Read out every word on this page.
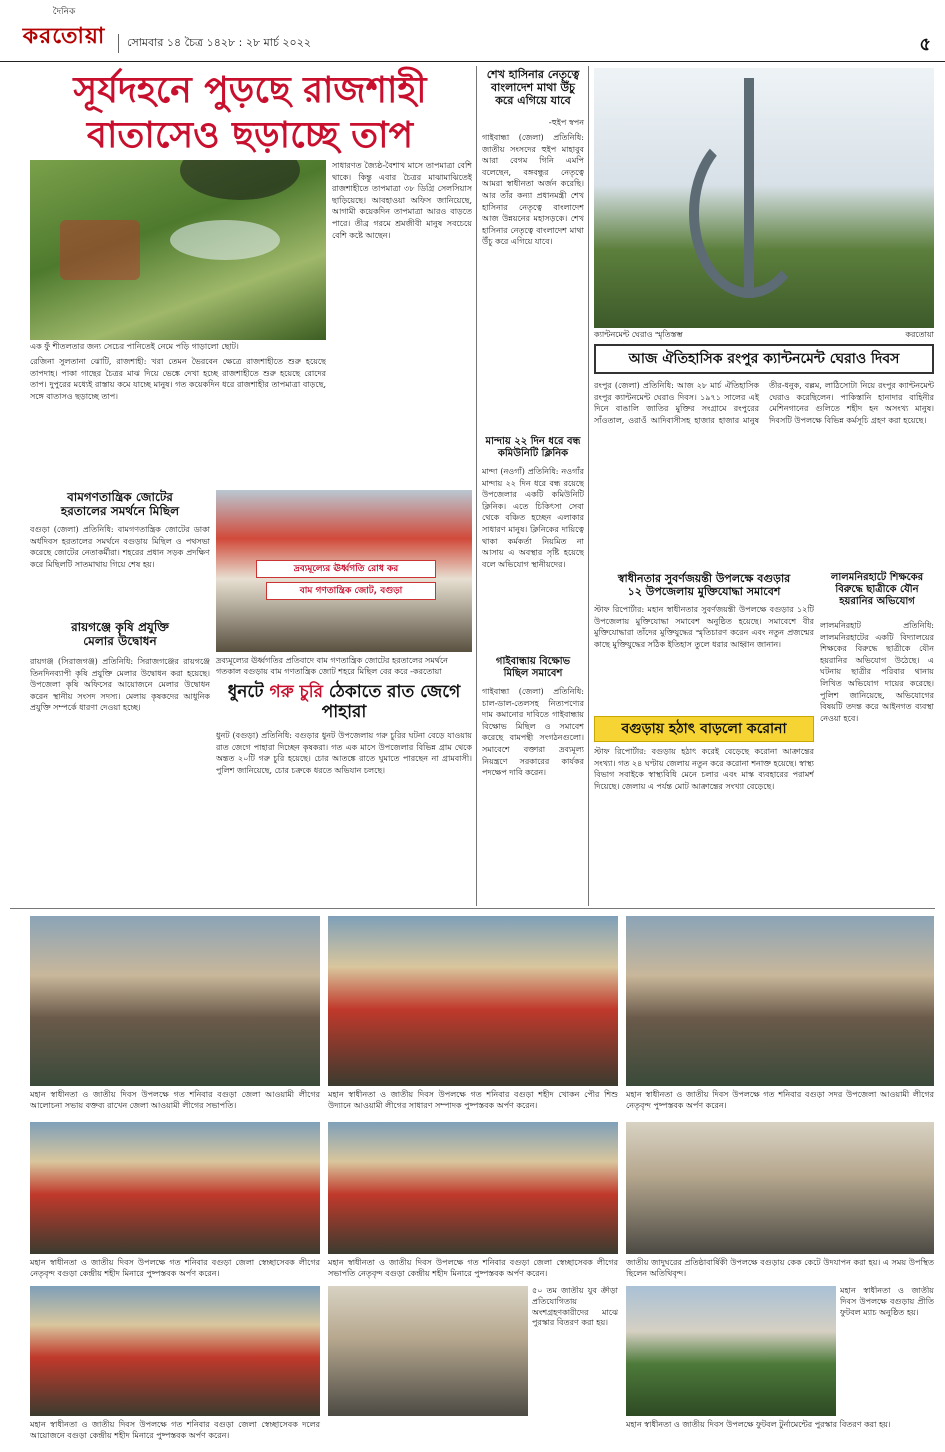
দৈনিক
করতোয়া	সোমবার ১৪ চৈত্র ১৪২৮ : ২৮ মার্চ ২০২২	৫
সূর্যদহনে পুড়ছে রাজশাহী
বাতাসেও ছড়াচ্ছে তাপ
এক ফুঁ শীতলতার জন্য সেচের পানিতেই নেমে পড়ি গাড়ালো ছোট।
রেজিনা সুলতানা ঝোটি, রাজশাহী: খরা তেমন ভৈরবেন ক্ষেত্রে রাজশাহীতে শুরু হয়েছে তাপদাহ। পাকা গাছের চৈত্রর মাঝ দিয়ে ভেঙ্কে দেখা হচ্ছে রাজশাহীতে শুরু হয়েছে রোদের তাপ। দুপুরের মধ্যেই রাস্তায় কমে যাচ্ছে মানুষ। গত কয়েকদিন ধরে রাজশাহীর তাপমাত্রা বাড়ছে, সঙ্গে বাতাসও ছড়াচ্ছে তাপ।
সাধারণত জ্যৈষ্ঠ-বৈশাখ মাসে তাপমাত্রা বেশি থাকে। কিন্তু এবার চৈত্রর মাঝামাঝিতেই রাজশাহীতে তাপমাত্রা ৩৮ ডিগ্রি সেলসিয়াস ছাড়িয়েছে। আবহাওয়া অফিস জানিয়েছে, আগামী কয়েকদিন তাপমাত্রা আরও বাড়তে পারে। তীব্র গরমে শ্রমজীবী মানুষ সবচেয়ে বেশি কষ্টে আছেন।
বামগণতান্ত্রিক জোটের
হরতালের সমর্থনে মিছিল
বগুড়া (জেলা) প্রতিনিধি: বামগণতান্ত্রিক জোটের ডাকা অর্ধদিবস হরতালের সমর্থনে বগুড়ায় মিছিল ও পথসভা করেছে জোটের নেতাকর্মীরা। শহরের প্রধান সড়ক প্রদক্ষিণ করে মিছিলটি সাতমাথায় গিয়ে শেষ হয়।	দ্রব্যমূল্যের ঊর্ধ্বগতি রোধ কর
বাম গণতান্ত্রিক জোট, বগুড়া
দ্রব্যমূল্যের ঊর্ধ্বগতির প্রতিবাদে বাম গণতান্ত্রিক জোটের হরতালের সমর্থনে গতকাল বগুড়ায় বাম গণতান্ত্রিক জোট শহরে মিছিল বের করে -করতোয়া
রায়গঞ্জে কৃষি প্রযুক্তি
মেলার উদ্বোধন
রায়গঞ্জ (সিরাজগঞ্জ) প্রতিনিধি: সিরাজগঞ্জের রায়গঞ্জে তিনদিনব্যাপী কৃষি প্রযুক্তি মেলার উদ্বোধন করা হয়েছে। উপজেলা কৃষি অফিসের আয়োজনে মেলার উদ্বোধন করেন স্থানীয় সংসদ সদস্য। মেলায় কৃষকদের আধুনিক প্রযুক্তি সম্পর্কে ধারণা দেওয়া হচ্ছে।
ধুনটে গরু চুরি ঠেকাতে রাত জেগে পাহারা
ধুনট (বগুড়া) প্রতিনিধি: বগুড়ার ধুনট উপজেলায় গরু চুরির ঘটনা বেড়ে যাওয়ায় রাত জেগে পাহারা দিচ্ছেন কৃষকরা। গত এক মাসে উপজেলার বিভিন্ন গ্রাম থেকে অন্তত ২০টি গরু চুরি হয়েছে। চোর আতঙ্কে রাতে ঘুমাতে পারছেন না গ্রামবাসী। পুলিশ জানিয়েছে, চোর চক্রকে ধরতে অভিযান চলছে।
শেখ হাসিনার নেতৃত্বে
বাংলাদেশ মাথা উঁচু
করে এগিয়ে যাবে
-হুইপ স্বপন
গাইবান্ধা (জেলা) প্রতিনিধি: জাতীয় সংসদের হুইপ মাহাবুব আরা বেগম গিনি এমপি বলেছেন, বঙ্গবন্ধুর নেতৃত্বে আমরা স্বাধীনতা অর্জন করেছি। আর তাঁর কন্যা প্রধানমন্ত্রী শেখ হাসিনার নেতৃত্বে বাংলাদেশ আজ উন্নয়নের মহাসড়কে। শেখ হাসিনার নেতৃত্বে বাংলাদেশ মাথা উঁচু করে এগিয়ে যাবে।
মান্দায় ২২ দিন ধরে বন্ধ
কমিউনিটি ক্লিনিক
মান্দা (নওগাঁ) প্রতিনিধি: নওগাঁর মান্দায় ২২ দিন ধরে বন্ধ রয়েছে উপজেলার একটি কমিউনিটি ক্লিনিক। এতে চিকিৎসা সেবা থেকে বঞ্চিত হচ্ছেন এলাকার সাধারণ মানুষ। ক্লিনিকের দায়িত্বে থাকা কর্মকর্তা নিয়মিত না আসায় এ অবস্থার সৃষ্টি হয়েছে বলে অভিযোগ স্থানীয়দের।
গাইবান্ধায় বিক্ষোভ মিছিল সমাবেশ
গাইবান্ধা (জেলা) প্রতিনিধি: চাল-ডাল-তেলসহ নিত্যপণ্যের দাম কমানোর দাবিতে গাইবান্ধায় বিক্ষোভ মিছিল ও সমাবেশ করেছে বামপন্থী সংগঠনগুলো। সমাবেশে বক্তারা দ্রব্যমূল্য নিয়ন্ত্রণে সরকারের কার্যকর পদক্ষেপ দাবি করেন।
ক্যান্টনমেন্ট ঘেরাও স্মৃতিস্তম্ভ	করতোয়া
আজ ঐতিহাসিক রংপুর ক্যান্টনমেন্ট ঘেরাও দিবস
রংপুর (জেলা) প্রতিনিধি: আজ ২৮ মার্চ ঐতিহাসিক রংপুর ক্যান্টনমেন্ট ঘেরাও দিবস। ১৯৭১ সালের এই দিনে বাঙালি জাতির মুক্তির সংগ্রামে রংপুরের সাঁওতাল, ওরাওঁ আদিবাসীসহ হাজার হাজার মানুষ তীর-ধনুক, বল্লম, লাঠিসোটা নিয়ে রংপুর ক্যান্টনমেন্ট ঘেরাও করেছিলেন। পাকিস্তানি হানাদার বাহিনীর মেশিনগানের গুলিতে শহীদ হন অসংখ্য মানুষ। দিবসটি উপলক্ষে বিভিন্ন কর্মসূচি গ্রহণ করা হয়েছে।
স্বাধীনতার সুবর্ণজয়ন্তী উপলক্ষে বগুড়ার
১২ উপজেলায় মুক্তিযোদ্ধা সমাবেশ
স্টাফ রিপোর্টার: মহান স্বাধীনতার সুবর্ণজয়ন্তী উপলক্ষে বগুড়ার ১২টি উপজেলায় মুক্তিযোদ্ধা সমাবেশ অনুষ্ঠিত হয়েছে। সমাবেশে বীর মুক্তিযোদ্ধারা তাঁদের মুক্তিযুদ্ধের স্মৃতিচারণ করেন এবং নতুন প্রজন্মের কাছে মুক্তিযুদ্ধের সঠিক ইতিহাস তুলে ধরার আহ্বান জানান।
লালমনিরহাটে শিক্ষকের
বিরুদ্ধে ছাত্রীকে যৌন
হয়রানির অভিযোগ
লালমনিরহাট প্রতিনিধি: লালমনিরহাটের একটি বিদ্যালয়ের শিক্ষকের বিরুদ্ধে ছাত্রীকে যৌন হয়রানির অভিযোগ উঠেছে। এ ঘটনায় ছাত্রীর পরিবার থানায় লিখিত অভিযোগ দায়ের করেছে। পুলিশ জানিয়েছে, অভিযোগের বিষয়টি তদন্ত করে আইনগত ব্যবস্থা নেওয়া হবে।
বগুড়ায় হঠাৎ বাড়লো করোনা
স্টাফ রিপোর্টার: বগুড়ায় হঠাৎ করেই বেড়েছে করোনা আক্রান্তের সংখ্যা। গত ২৪ ঘণ্টায় জেলায় নতুন করে করোনা শনাক্ত হয়েছে। স্বাস্থ্য বিভাগ সবাইকে স্বাস্থ্যবিধি মেনে চলার এবং মাস্ক ব্যবহারের পরামর্শ দিয়েছে। জেলায় এ পর্যন্ত মোট আক্রান্তের সংখ্যা বেড়েছে।
মহান স্বাধীনতা ও জাতীয় দিবস উপলক্ষে গত শনিবার বগুড়া জেলা আওয়ামী লীগের আলোচনা সভায় বক্তব্য রাখেন জেলা আওয়ামী লীগের সভাপতি।
মহান স্বাধীনতা ও জাতীয় দিবস উপলক্ষে গত শনিবার বগুড়া শহীদ খোকন পৌর শিশু উদ্যানে আওয়ামী লীগের সাধারণ সম্পাদক পুষ্পস্তবক অর্পণ করেন।
মহান স্বাধীনতা ও জাতীয় দিবস উপলক্ষে গত শনিবার বগুড়া সদর উপজেলা আওয়ামী লীগের নেতৃবৃন্দ পুষ্পস্তবক অর্পণ করেন।
মহান স্বাধীনতা ও জাতীয় দিবস উপলক্ষে গত শনিবার বগুড়া জেলা স্বেচ্ছাসেবক লীগের নেতৃবৃন্দ বগুড়া কেন্দ্রীয় শহীদ মিনারে পুষ্পস্তবক অর্পণ করেন।
মহান স্বাধীনতা ও জাতীয় দিবস উপলক্ষে গত শনিবার বগুড়া জেলা স্বেচ্ছাসেবক লীগের সভাপতি নেতৃবৃন্দ বগুড়া কেন্দ্রীয় শহীদ মিনারে পুষ্পস্তবক অর্পণ করেন।
জাতীয় জাদুঘরের প্রতিষ্ঠাবার্ষিকী উপলক্ষে বগুড়ায় কেক কেটে উদযাপন করা হয়। এ সময় উপস্থিত ছিলেন অতিথিবৃন্দ।
মহান স্বাধীনতা ও জাতীয় দিবস উপলক্ষে গত শনিবার বগুড়া জেলা স্বেচ্ছাসেবক দলের আয়োজনে বগুড়া কেন্দ্রীয় শহীদ মিনারে পুষ্পস্তবক অর্পণ করেন।
৫০ তম জাতীয় যুব ক্রীড়া প্রতিযোগিতায় অংশগ্রহণকারীদের মাঝে পুরস্কার বিতরণ করা হয়।
মহান স্বাধীনতা ও জাতীয় দিবস উপলক্ষে ফুটবল টুর্নামেন্টের পুরস্কার বিতরণ করা হয়।
মহান স্বাধীনতা ও জাতীয় দিবস উপলক্ষে বগুড়ায় প্রীতি ফুটবল ম্যাচ অনুষ্ঠিত হয়।
